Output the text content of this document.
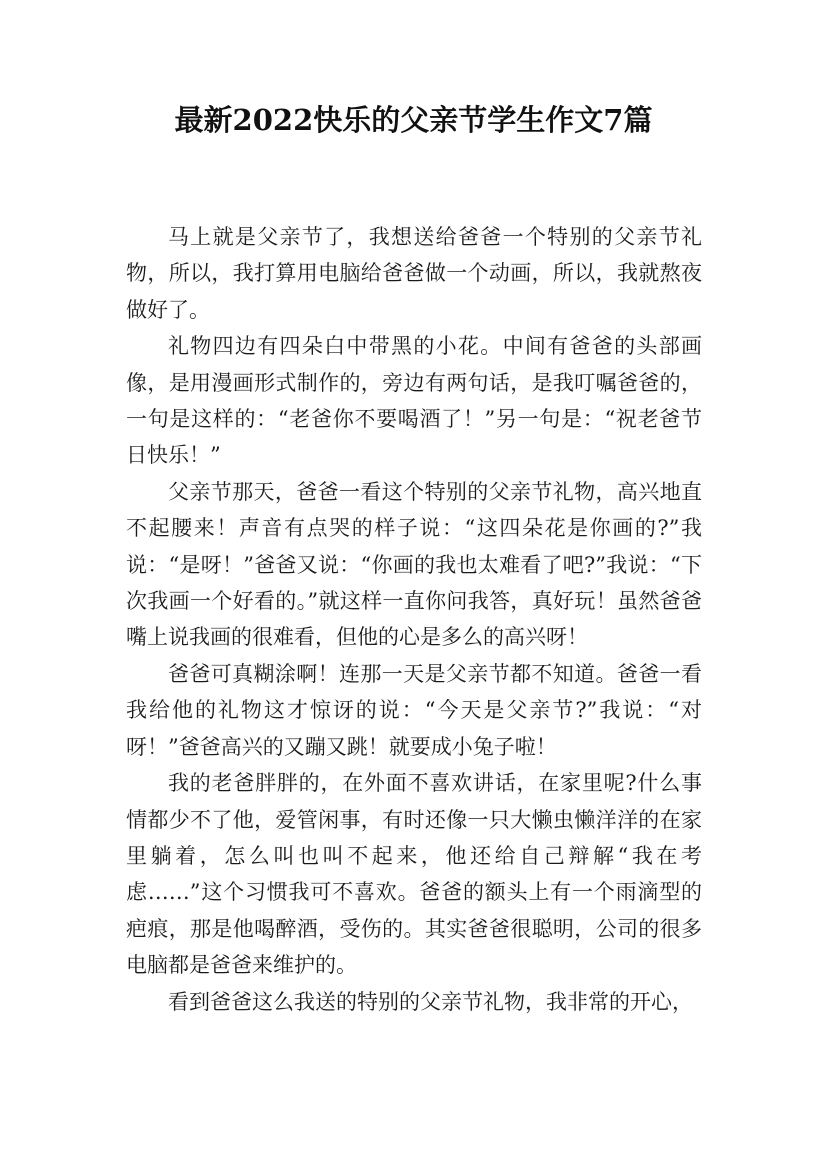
最新2022快乐的父亲节学生作文7篇

马上就是父亲节了，我想送给爸爸一个特别的父亲节礼物，所以，我打算用电脑给爸爸做一个动画，所以，我就熬夜做好了。

礼物四边有四朵白中带黑的小花。中间有爸爸的头部画像，是用漫画形式制作的，旁边有两句话，是我叮嘱爸爸的，一句是这样的：“老爸你不要喝酒了！”另一句是：“祝老爸节日快乐！”

父亲节那天，爸爸一看这个特别的父亲节礼物，高兴地直不起腰来！声音有点哭的样子说：“这四朵花是你画的?”我说：“是呀！”爸爸又说：“你画的我也太难看了吧?”我说：“下次我画一个好看的。”就这样一直你问我答，真好玩！虽然爸爸嘴上说我画的很难看，但他的心是多么的高兴呀！

爸爸可真糊涂啊！连那一天是父亲节都不知道。爸爸一看我给他的礼物这才惊讶的说：“今天是父亲节?”我说：“对呀！”爸爸高兴的又蹦又跳！就要成小兔子啦！

我的老爸胖胖的，在外面不喜欢讲话，在家里呢?什么事情都少不了他，爱管闲事，有时还像一只大懒虫懒洋洋的在家里躺着，怎么叫也叫不起来，他还给自己辩解“我在考虑……”这个习惯我可不喜欢。爸爸的额头上有一个雨滴型的疤痕，那是他喝醉酒，受伤的。其实爸爸很聪明，公司的很多电脑都是爸爸来维护的。

看到爸爸这么我送的特别的父亲节礼物，我非常的开心，
